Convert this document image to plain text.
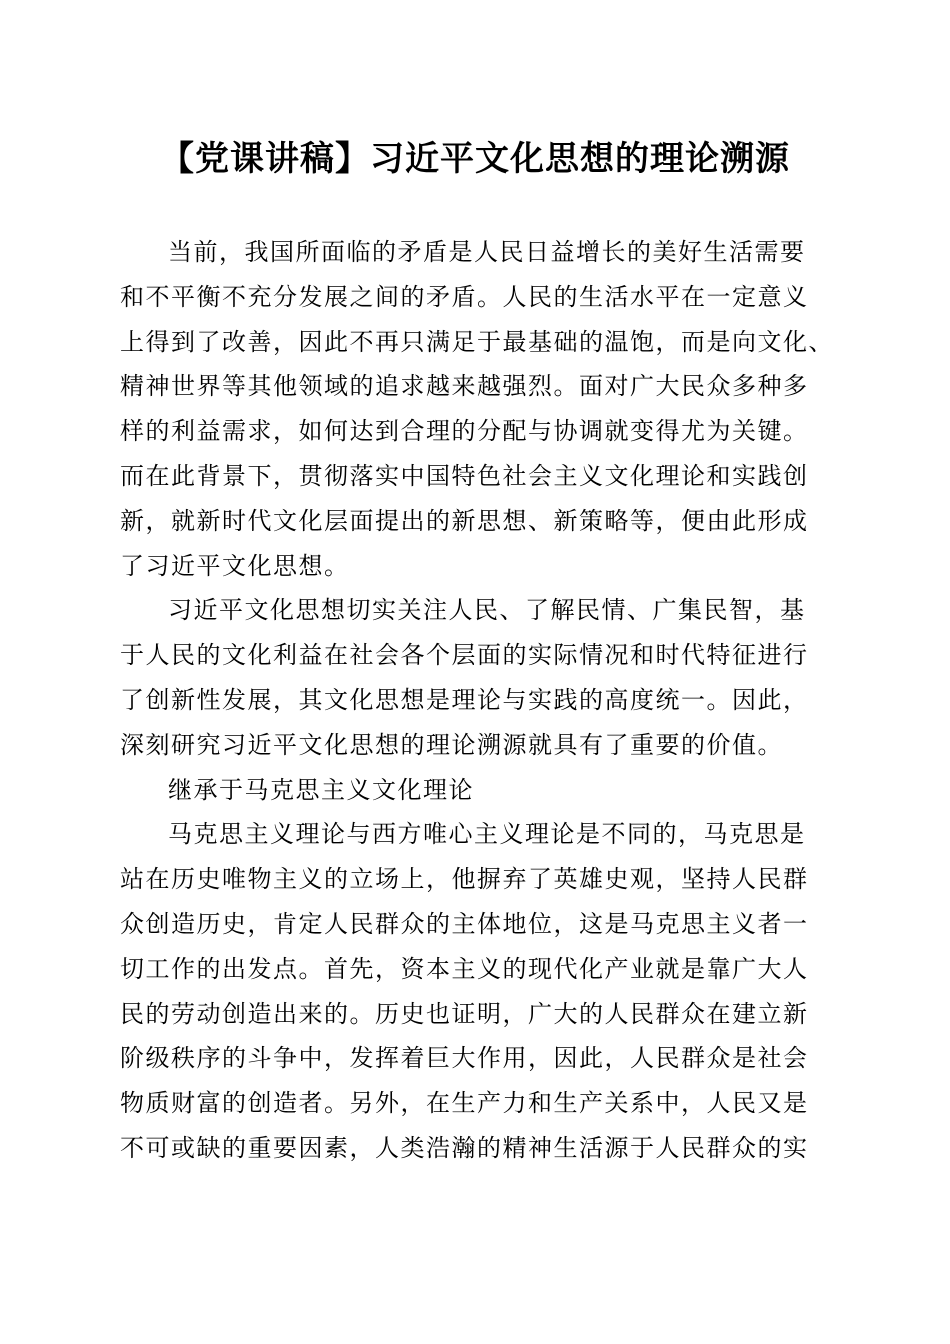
【党课讲稿】习近平文化思想的理论溯源

当前，我国所面临的矛盾是人民日益增长的美好生活需要
和不平衡不充分发展之间的矛盾。人民的生活水平在一定意义
上得到了改善，因此不再只满足于最基础的温饱，而是向文化、
精神世界等其他领域的追求越来越强烈。面对广大民众多种多
样的利益需求，如何达到合理的分配与协调就变得尤为关键。
而在此背景下，贯彻落实中国特色社会主义文化理论和实践创
新，就新时代文化层面提出的新思想、新策略等，便由此形成
了习近平文化思想。

习近平文化思想切实关注人民、了解民情、广集民智，基
于人民的文化利益在社会各个层面的实际情况和时代特征进行
了创新性发展，其文化思想是理论与实践的高度统一。因此，
深刻研究习近平文化思想的理论溯源就具有了重要的价值。

继承于马克思主义文化理论

马克思主义理论与西方唯心主义理论是不同的，马克思是
站在历史唯物主义的立场上，他摒弃了英雄史观，坚持人民群
众创造历史，肯定人民群众的主体地位，这是马克思主义者一
切工作的出发点。首先，资本主义的现代化产业就是靠广大人
民的劳动创造出来的。历史也证明，广大的人民群众在建立新
阶级秩序的斗争中，发挥着巨大作用，因此，人民群众是社会
物质财富的创造者。另外，在生产力和生产关系中，人民又是
不可或缺的重要因素，人类浩瀚的精神生活源于人民群众的实
